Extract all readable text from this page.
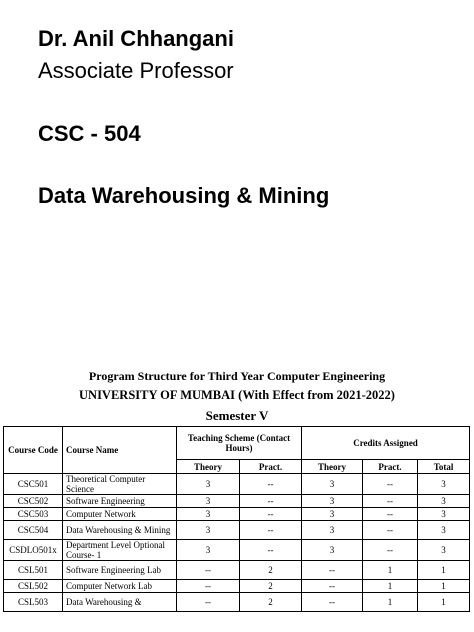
Dr. Anil Chhangani
Associate Professor
CSC - 504
Data Warehousing & Mining
Program Structure for Third Year Computer Engineering
UNIVERSITY OF MUMBAI (With Effect from 2021-2022)
Semester V
Course Code	Course Name	Teaching Scheme (Contact Hours)		Credits Assigned		
		Theory	Pract.	Theory	Pract.	Total
CSC501	Theoretical Computer Science	3	--	3	--	3
CSC502	Software Engineering	3	--	3	--	3
CSC503	Computer Network	3	--	3	--	3
CSC504	Data Warehousing & Mining	3	--	3	--	3
CSDLO501x	Department Level Optional Course- 1	3	--	3	--	3
CSL501	Software Engineering Lab	--	2	--	1	1
CSL502	Computer Network Lab	--	2	--	1	1
CSL503	Data Warehousing &	--	2	--	1	1
